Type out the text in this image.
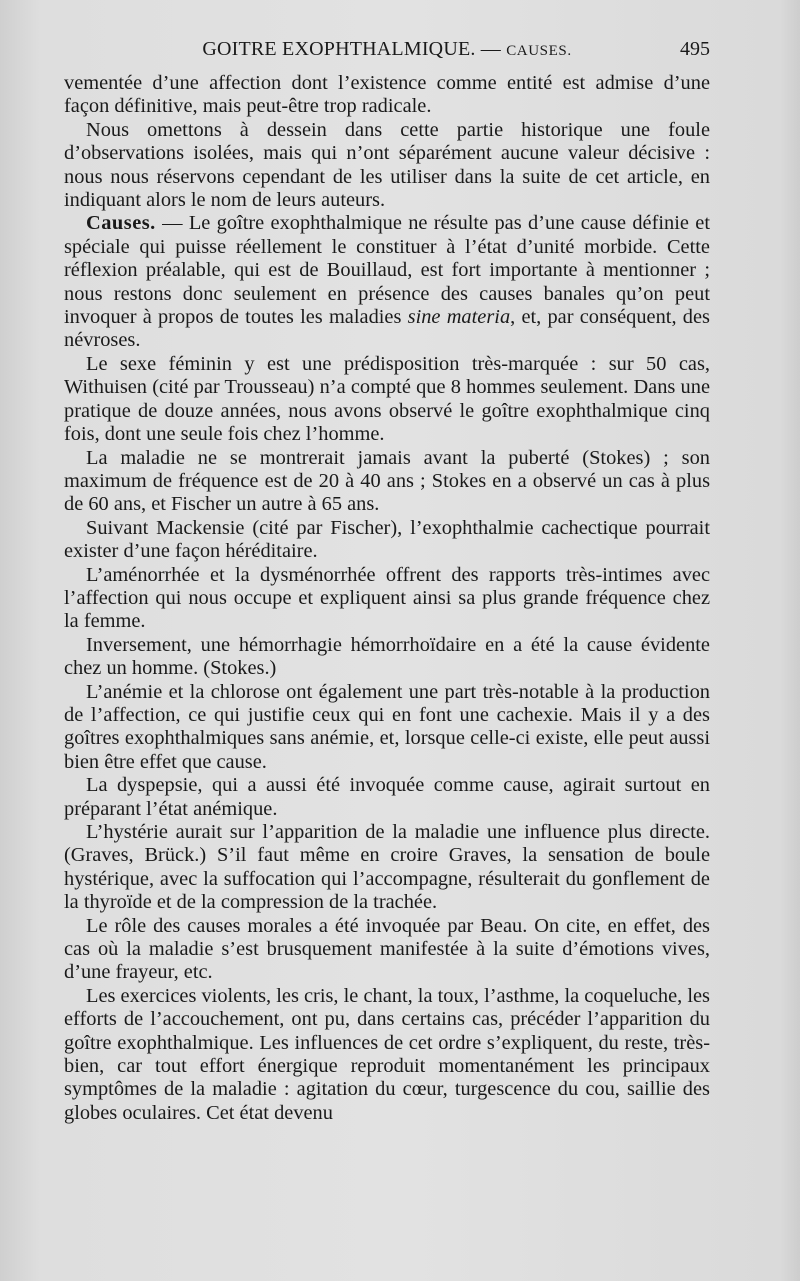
GOITRE EXOPHTHALMIQUE. — CAUSES.	495

vementée d’une affection dont l’existence comme entité est admise d’une façon définitive, mais peut-être trop radicale.

Nous omettons à dessein dans cette partie historique une foule d’observations isolées, mais qui n’ont séparément aucune valeur décisive : nous nous réservons cependant de les utiliser dans la suite de cet article, en indiquant alors le nom de leurs auteurs.

Causes. — Le goître exophthalmique ne résulte pas d’une cause définie et spéciale qui puisse réellement le constituer à l’état d’unité morbide. Cette réflexion préalable, qui est de Bouillaud, est fort importante à mentionner ; nous restons donc seulement en présence des causes banales qu’on peut invoquer à propos de toutes les maladies sine materia, et, par conséquent, des névroses.

Le sexe féminin y est une prédisposition très-marquée : sur 50 cas, Withuisen (cité par Trousseau) n’a compté que 8 hommes seulement. Dans une pratique de douze années, nous avons observé le goître exophthalmique cinq fois, dont une seule fois chez l’homme.

La maladie ne se montrerait jamais avant la puberté (Stokes) ; son maximum de fréquence est de 20 à 40 ans ; Stokes en a observé un cas à plus de 60 ans, et Fischer un autre à 65 ans.

Suivant Mackensie (cité par Fischer), l’exophthalmie cachectique pourrait exister d’une façon héréditaire.

L’aménorrhée et la dysménorrhée offrent des rapports très-intimes avec l’affection qui nous occupe et expliquent ainsi sa plus grande fréquence chez la femme.

Inversement, une hémorrhagie hémorrhoïdaire en a été la cause évidente chez un homme. (Stokes.)

L’anémie et la chlorose ont également une part très-notable à la production de l’affection, ce qui justifie ceux qui en font une cachexie. Mais il y a des goîtres exophthalmiques sans anémie, et, lorsque celle-ci existe, elle peut aussi bien être effet que cause.

La dyspepsie, qui a aussi été invoquée comme cause, agirait surtout en préparant l’état anémique.

L’hystérie aurait sur l’apparition de la maladie une influence plus directe. (Graves, Brück.) S’il faut même en croire Graves, la sensation de boule hystérique, avec la suffocation qui l’accompagne, résulterait du gonflement de la thyroïde et de la compression de la trachée.

Le rôle des causes morales a été invoquée par Beau. On cite, en effet, des cas où la maladie s’est brusquement manifestée à la suite d’émotions vives, d’une frayeur, etc.

Les exercices violents, les cris, le chant, la toux, l’asthme, la coqueluche, les efforts de l’accouchement, ont pu, dans certains cas, précéder l’apparition du goître exophthalmique. Les influences de cet ordre s’expliquent, du reste, très-bien, car tout effort énergique reproduit momentanément les principaux symptômes de la maladie : agitation du cœur, turgescence du cou, saillie des globes oculaires. Cet état devenu
